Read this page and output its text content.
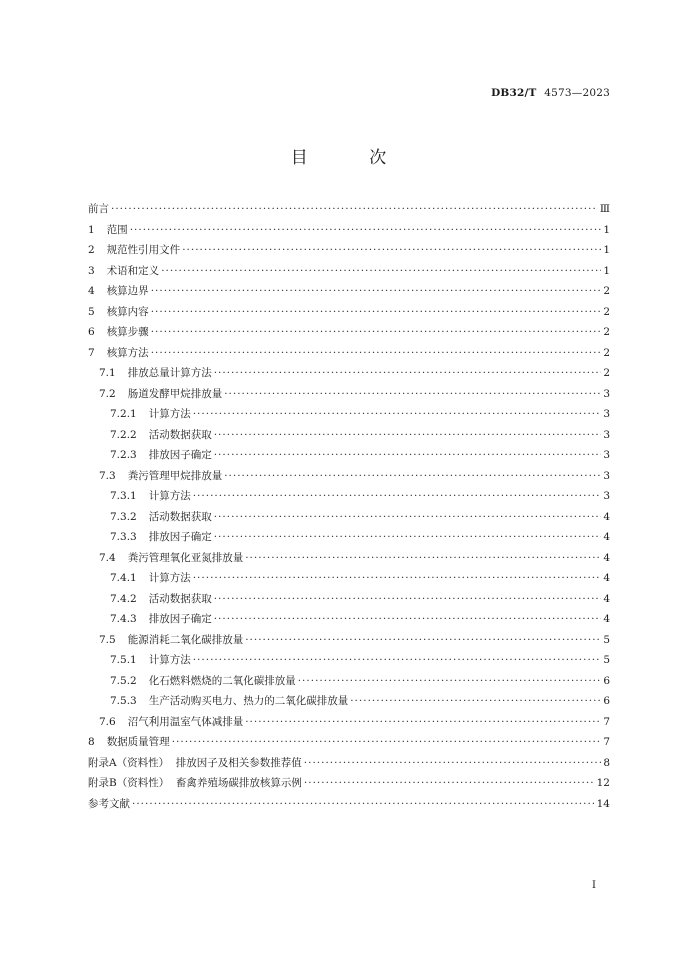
DB32/T 4573—2023
目 次
前言 ·····	Ⅲ
1 范围 ·····	1
2 规范性引用文件 ·····	1
3 术语和定义 ·····	1
4 核算边界 ·····	2
5 核算内容 ·····	2
6 核算步骤 ·····	2
7 核算方法 ·····	2
7.1 排放总量计算方法 ·····	2
7.2 肠道发酵甲烷排放量 ·····	3
7.2.1 计算方法 ·····	3
7.2.2 活动数据获取 ·····	3
7.2.3 排放因子确定 ·····	3
7.3 粪污管理甲烷排放量 ·····	3
7.3.1 计算方法 ·····	3
7.3.2 活动数据获取 ·····	4
7.3.3 排放因子确定 ·····	4
7.4 粪污管理氧化亚氮排放量 ·····	4
7.4.1 计算方法 ·····	4
7.4.2 活动数据获取 ·····	4
7.4.3 排放因子确定 ·····	4
7.5 能源消耗二氧化碳排放量 ·····	5
7.5.1 计算方法 ·····	5
7.5.2 化石燃料燃烧的二氧化碳排放量 ·····	6
7.5.3 生产活动购买电力、热力的二氧化碳排放量 ·····	6
7.6 沼气利用温室气体减排量 ·····	7
8 数据质量管理 ·····	7
附录A （资料性）  排放因子及相关参数推荐值 ·····	8
附录B （资料性）  畜禽养殖场碳排放核算示例 ·····	12
参考文献 ·····	14
I
